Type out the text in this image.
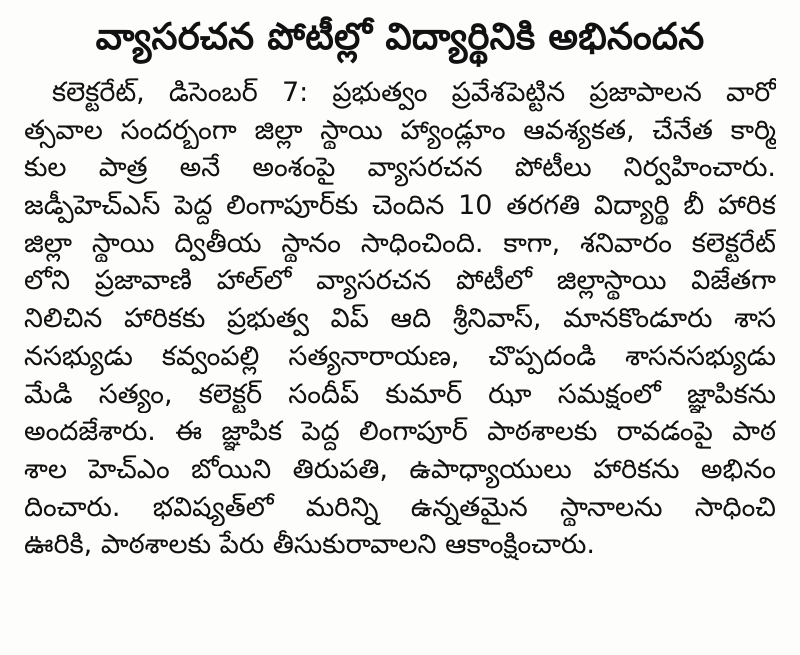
వ్యాసరచన పోటీల్లో విద్యార్థినికి అభినందన
కలెక్టరేట్, డిసెంబర్ 7: ప్రభుత్వం ప్రవేశపెట్టిన ప్రజాపాలన వారో
త్సవాల సందర్భంగా జిల్లా స్థాయి హ్యాండ్లూం ఆవశ్యకత, చేనేత కార్మి
కుల పాత్ర అనే అంశంపై వ్యాసరచన పోటీలు నిర్వహించారు.
జడ్పీహెచ్ఎస్ పెద్ద లింగాపూర్‌కు చెందిన 10 తరగతి విద్యార్థి బీ హారిక
జిల్లా స్థాయి ద్వితీయ స్థానం సాధించింది. కాగా, శనివారం కలెక్టరేట్
లోని ప్రజావాణి హాల్‌లో వ్యాసరచన పోటీలో జిల్లాస్థాయి విజేతగా
నిలిచిన హారికకు ప్రభుత్వ విప్ ఆది శ్రీనివాస్, మానకొండూరు శాస
నసభ్యుడు కవ్వంపల్లి సత్యనారాయణ, చొప్పదండి శాసనసభ్యుడు
మేడి సత్యం, కలెక్టర్ సందీప్ కుమార్ ఝా సమక్షంలో జ్ఞాపికను
అందజేశారు. ఈ జ్ఞాపిక పెద్ద లింగాపూర్ పాఠశాలకు రావడంపై పాఠ
శాల హెచ్ఎం బోయిని తిరుపతి, ఉపాధ్యాయులు హారికను అభినం
దించారు. భవిష్యత్‌లో మరిన్ని ఉన్నతమైన స్థానాలను సాధించి
ఊరికి, పాఠశాలకు పేరు తీసుకురావాలని ఆకాంక్షించారు.
